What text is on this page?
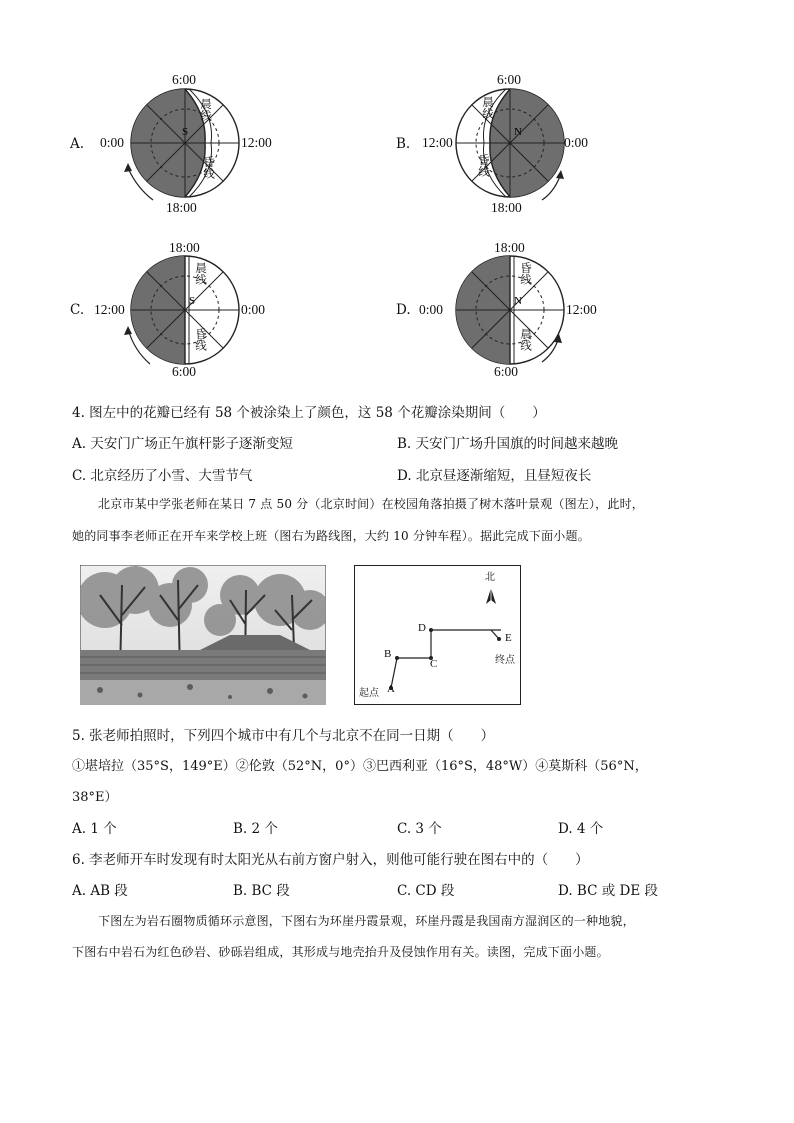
A.
S
6:00
18:00
0:00	12:00
晨线
昏线
B.
N
6:00
18:00
12:00	0:00
晨线
昏线
C.
S
18:00
6:00
12:00	0:00
晨线
昏线
D.
N
18:00
6:00
0:00	12:00
昏线
晨线
4. 图左中的花瓣已经有 58 个被涂染上了颜色，这 58 个花瓣涂染期间（　　）
A. 天安门广场正午旗杆影子逐渐变短	B. 天安门广场升国旗的时间越来越晚
C. 北京经历了小雪、大雪节气	D. 北京昼逐渐缩短，且昼短夜长
北京市某中学张老师在某日 7 点 50 分（北京时间）在校园角落拍摄了树木落叶景观（图左），此时，
她的同事李老师正在开车来学校上班（图右为路线图，大约 10 分钟车程）。据此完成下面小题。
北
A
起点
B
C
D
E
终点
5. 张老师拍照时，下列四个城市中有几个与北京不在同一日期（　　）
①堪培拉（35°S，149°E）②伦敦（52°N，0°）③巴西利亚（16°S，48°W）④莫斯科（56°N，
38°E）
A. 1 个	B. 2 个	C. 3 个	D. 4 个
6. 李老师开车时发现有时太阳光从右前方窗户射入，则他可能行驶在图右中的（　　）
A. AB 段	B. BC 段	C. CD 段	D. BC 或 DE 段
下图左为岩石圈物质循环示意图，下图右为环崖丹霞景观，环崖丹霞是我国南方湿润区的一种地貌，
下图右中岩石为红色砂岩、砂砾岩组成，其形成与地壳抬升及侵蚀作用有关。读图，完成下面小题。
